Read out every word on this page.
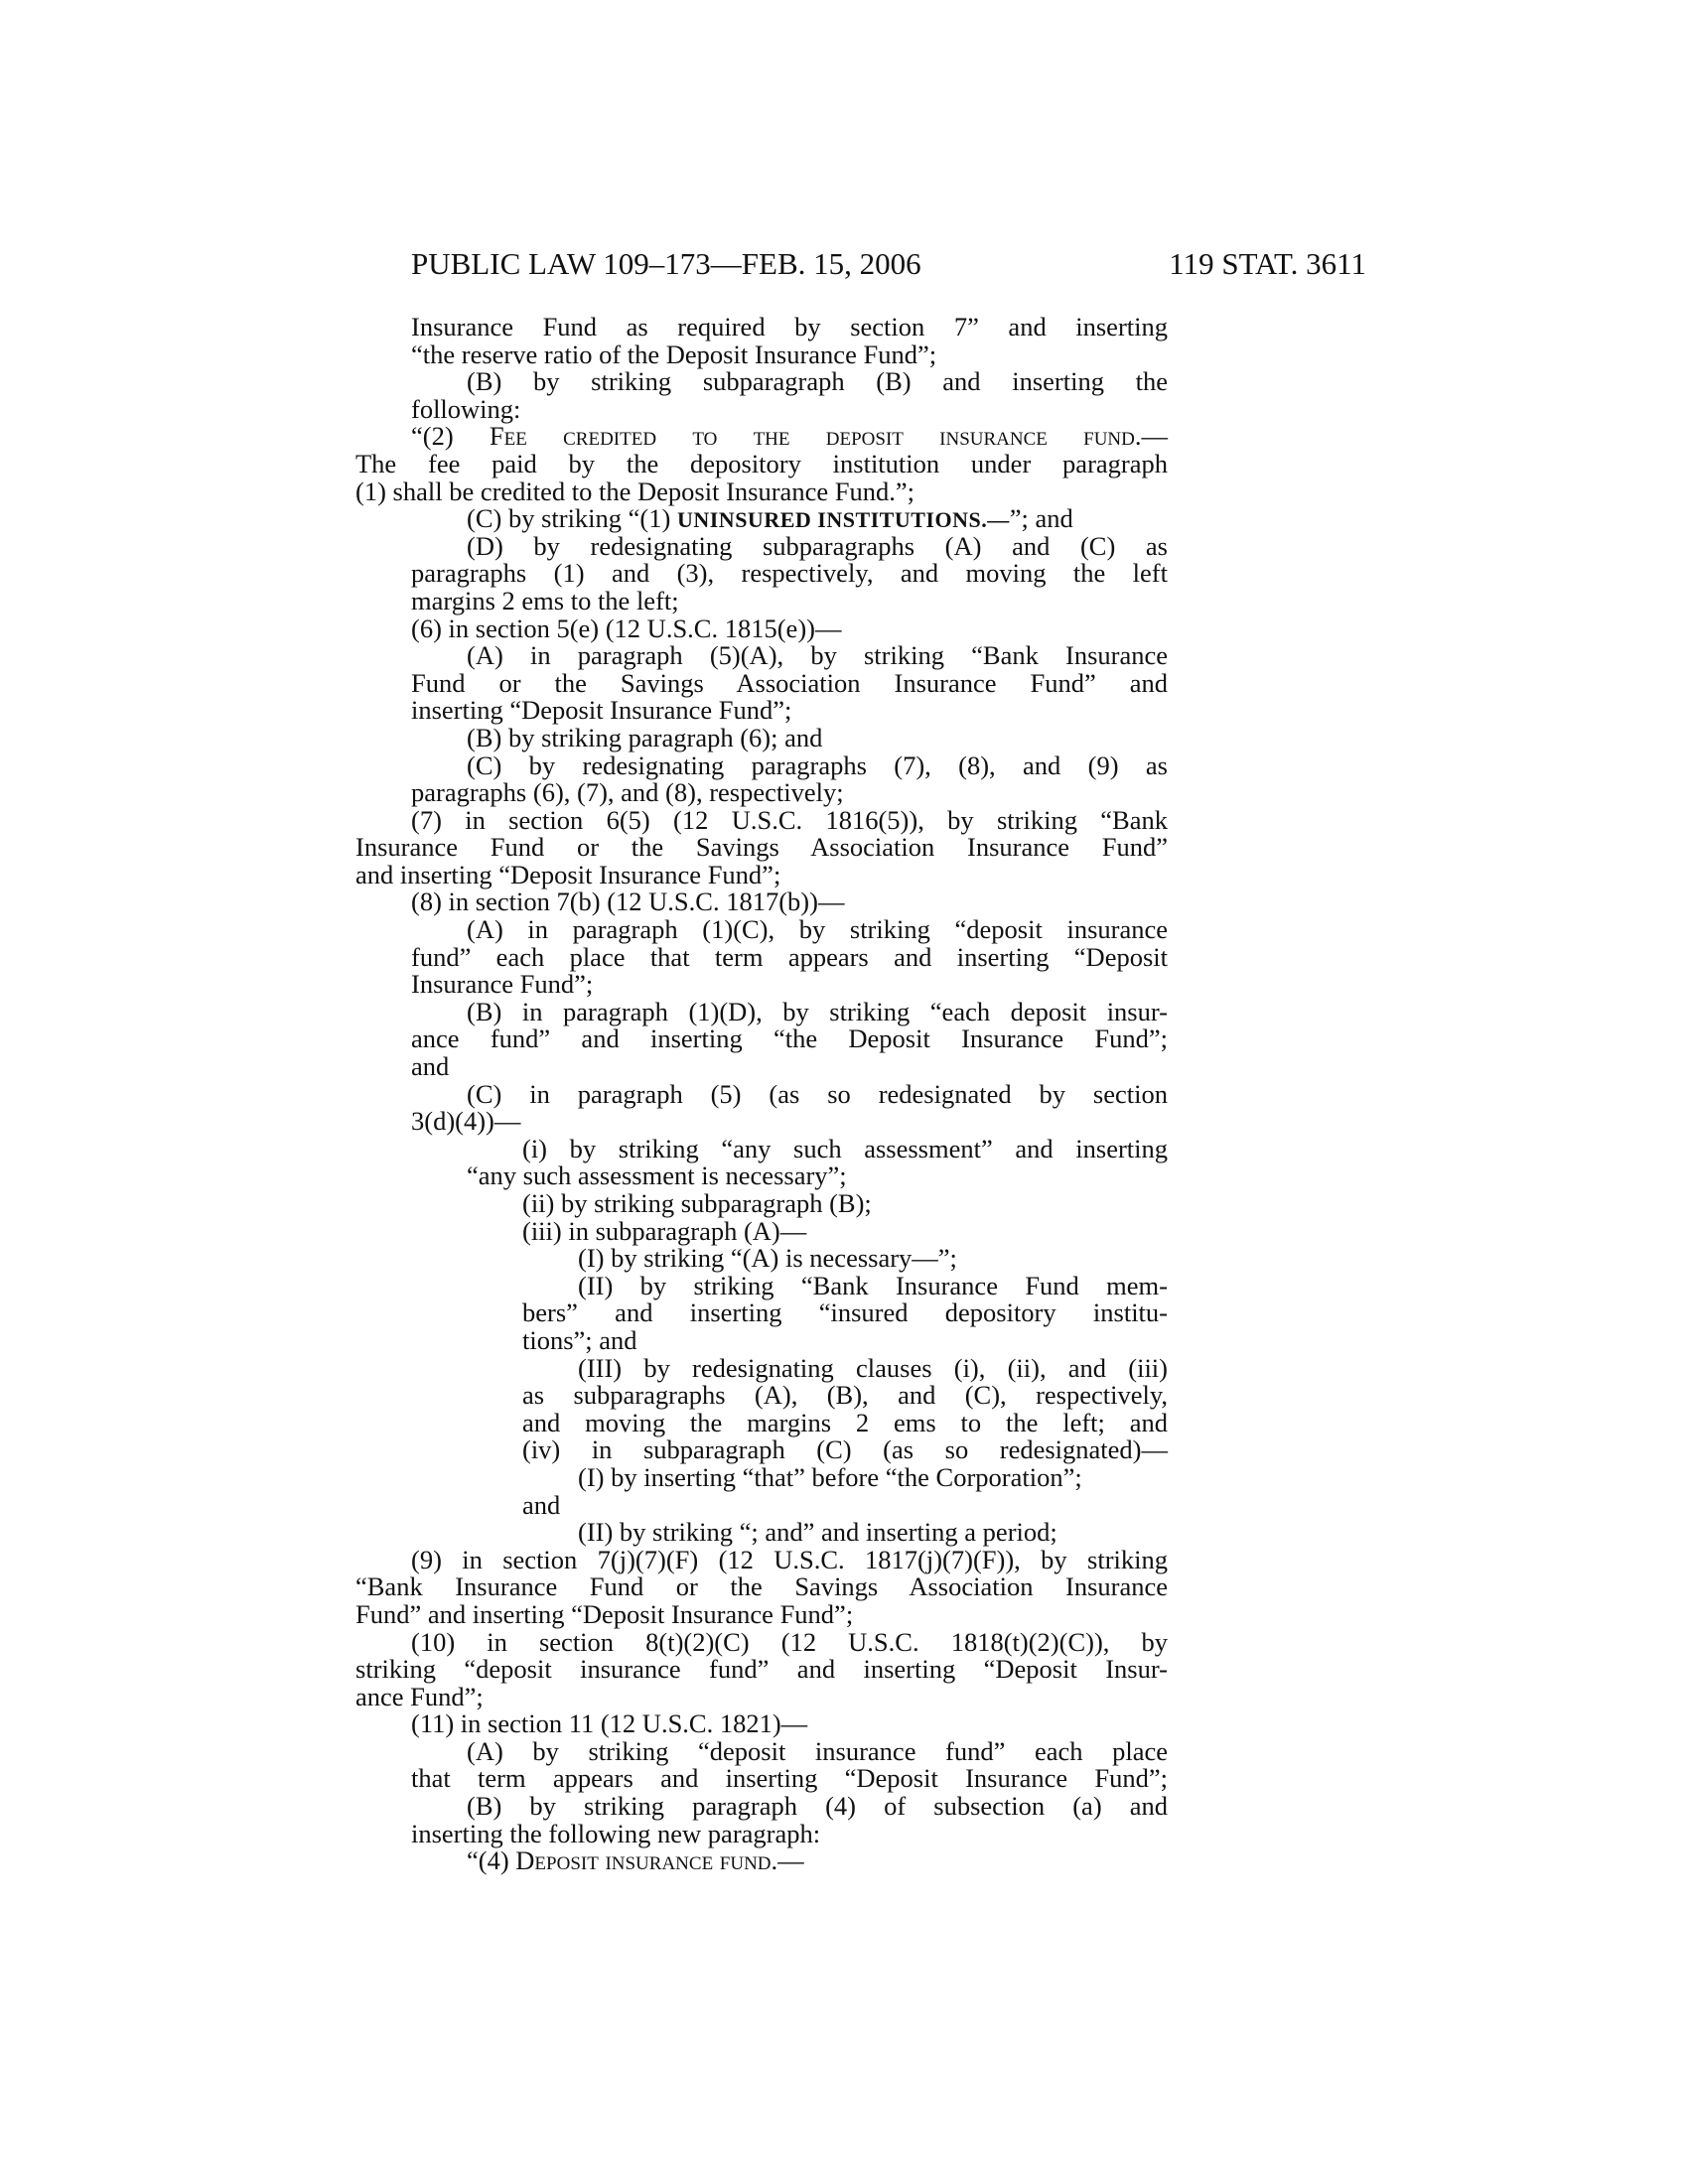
PUBLIC LAW 109–173—FEB. 15, 2006	119 STAT. 3611
Insurance Fund as required by section 7” and inserting
“the reserve ratio of the Deposit Insurance Fund”;
(B) by striking subparagraph (B) and inserting the
following:
“(2) Fee credited to the deposit insurance fund.—
The fee paid by the depository institution under paragraph
(1) shall be credited to the Deposit Insurance Fund.”;
(C) by striking “(1) UNINSURED INSTITUTIONS.—”; and
(D) by redesignating subparagraphs (A) and (C) as
paragraphs (1) and (3), respectively, and moving the left
margins 2 ems to the left;
(6) in section 5(e) (12 U.S.C. 1815(e))—
(A) in paragraph (5)(A), by striking “Bank Insurance
Fund or the Savings Association Insurance Fund” and
inserting “Deposit Insurance Fund”;
(B) by striking paragraph (6); and
(C) by redesignating paragraphs (7), (8), and (9) as
paragraphs (6), (7), and (8), respectively;
(7) in section 6(5) (12 U.S.C. 1816(5)), by striking “Bank
Insurance Fund or the Savings Association Insurance Fund”
and inserting “Deposit Insurance Fund”;
(8) in section 7(b) (12 U.S.C. 1817(b))—
(A) in paragraph (1)(C), by striking “deposit insurance
fund” each place that term appears and inserting “Deposit
Insurance Fund”;
(B) in paragraph (1)(D), by striking “each deposit insur-
ance fund” and inserting “the Deposit Insurance Fund”;
and
(C) in paragraph (5) (as so redesignated by section
3(d)(4))—
(i) by striking “any such assessment” and inserting
“any such assessment is necessary”;
(ii) by striking subparagraph (B);
(iii) in subparagraph (A)—
(I) by striking “(A) is necessary—”;
(II) by striking “Bank Insurance Fund mem-
bers” and inserting “insured depository institu-
tions”; and
(III) by redesignating clauses (i), (ii), and (iii)
as subparagraphs (A), (B), and (C), respectively,
and moving the margins 2 ems to the left; and
(iv) in subparagraph (C) (as so redesignated)—
(I) by inserting “that” before “the Corporation”;
and
(II) by striking “; and” and inserting a period;
(9) in section 7(j)(7)(F) (12 U.S.C. 1817(j)(7)(F)), by striking
“Bank Insurance Fund or the Savings Association Insurance
Fund” and inserting “Deposit Insurance Fund”;
(10) in section 8(t)(2)(C) (12 U.S.C. 1818(t)(2)(C)), by
striking “deposit insurance fund” and inserting “Deposit Insur-
ance Fund”;
(11) in section 11 (12 U.S.C. 1821)—
(A) by striking “deposit insurance fund” each place
that term appears and inserting “Deposit Insurance Fund”;
(B) by striking paragraph (4) of subsection (a) and
inserting the following new paragraph:
“(4) Deposit insurance fund.—
